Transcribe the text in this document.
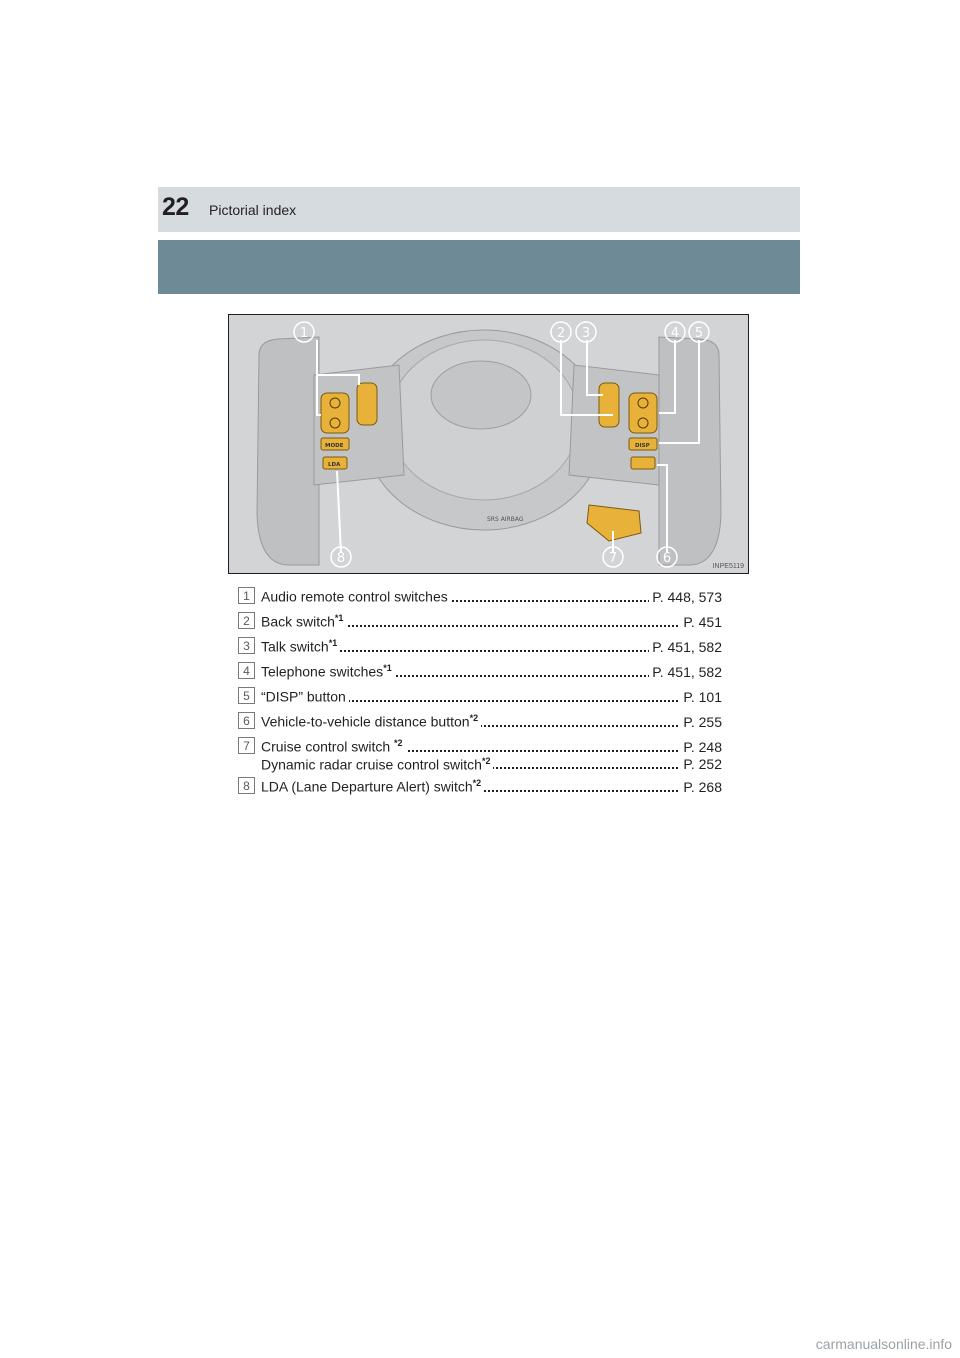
22 Pictorial index
SRS AIRBAG
MODE
LDA
DISP
1	2 3	4 5
6
7
8
INPE5119
1 Audio remote control switches	P. 448, 573
2 Back switch$^{*1}$	P. 451
3 Talk switch$^{*1}$	P. 451, 582
4 Telephone switches$^{*1}$	P. 451, 582
5 “DISP” button	P. 101
6 Vehicle-to-vehicle distance button$^{*2}$	P. 255
7 Cruise control switch $^{*2}$	P. 248
Dynamic radar cruise control switch$^{*2}$	P. 252
8 LDA (Lane Departure Alert) switch$^{*2}$	P. 268
carmanualsonline.info
